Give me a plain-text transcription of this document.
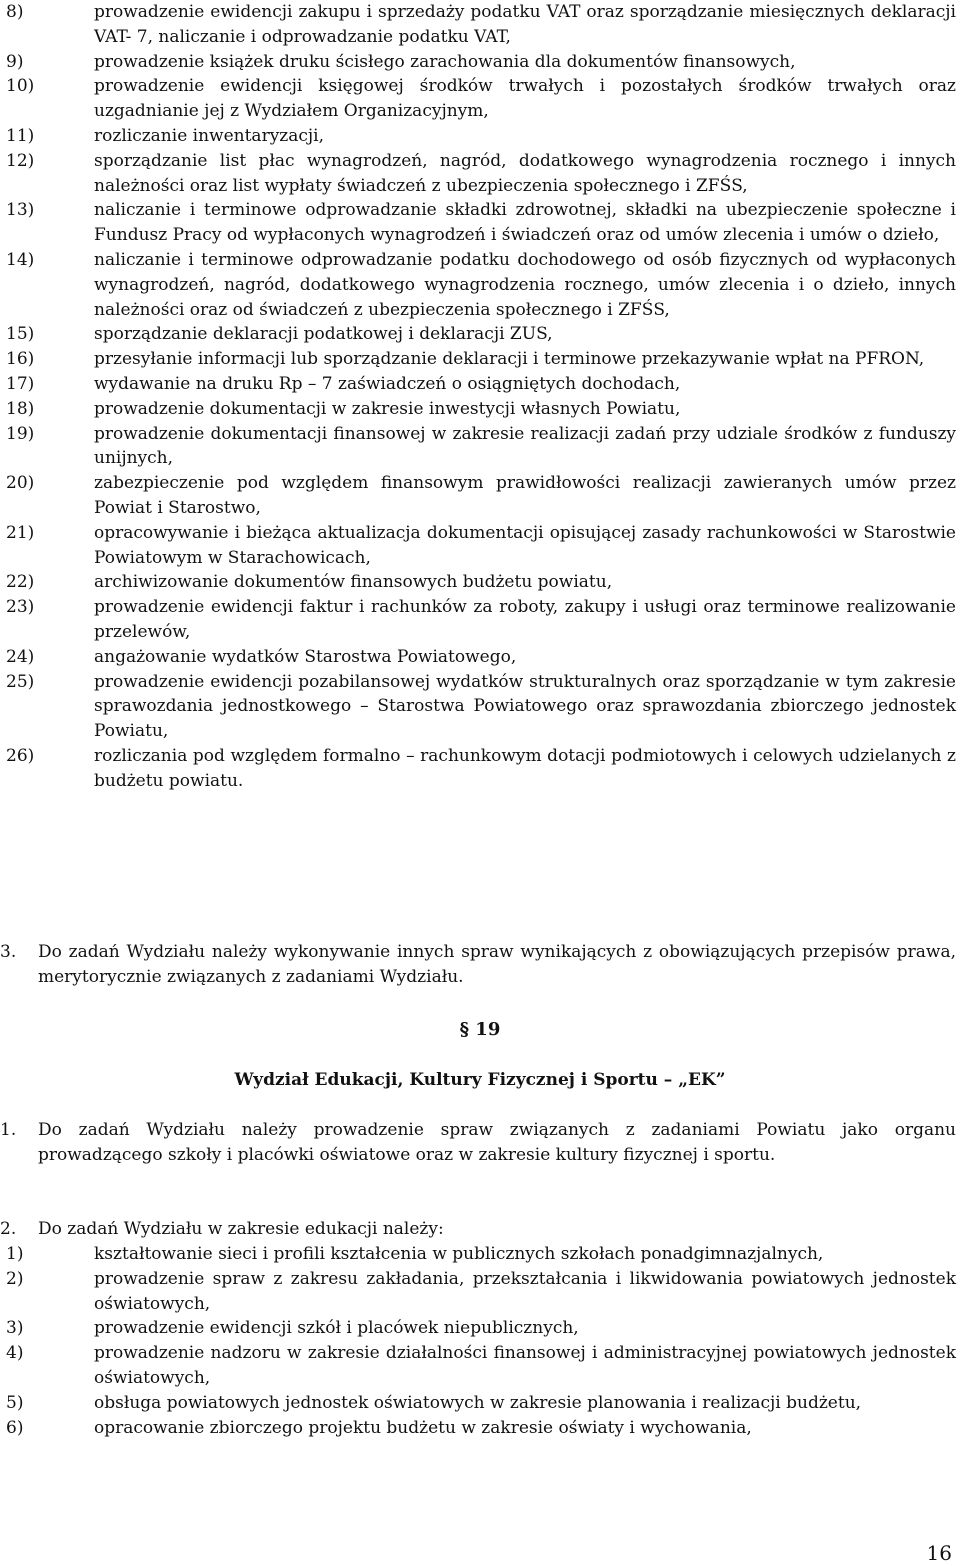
8)	prowadzenie ewidencji zakupu i sprzedaży podatku VAT oraz sporządzanie miesięcznych deklaracji VAT- 7, naliczanie i odprowadzanie podatku VAT,
9)	prowadzenie książek druku ścisłego zarachowania dla dokumentów finansowych,
10)	prowadzenie ewidencji księgowej środków trwałych i pozostałych środków trwałych oraz uzgadnianie jej z Wydziałem Organizacyjnym,
11)	rozliczanie inwentaryzacji,
12)	sporządzanie list płac wynagrodzeń, nagród, dodatkowego wynagrodzenia rocznego i innych należności oraz list wypłaty świadczeń z ubezpieczenia społecznego i ZFŚS,
13)	naliczanie i terminowe odprowadzanie składki zdrowotnej, składki na ubezpieczenie społeczne i Fundusz Pracy od wypłaconych wynagrodzeń i świadczeń oraz od umów zlecenia i umów o dzieło,
14)	naliczanie i terminowe odprowadzanie podatku dochodowego od osób fizycznych od wypłaconych wynagrodzeń, nagród, dodatkowego wynagrodzenia rocznego, umów zlecenia i o dzieło, innych należności oraz od świadczeń z ubezpieczenia społecznego i ZFŚS,
15)	sporządzanie deklaracji podatkowej i deklaracji ZUS,
16)	przesyłanie informacji lub sporządzanie deklaracji i terminowe przekazywanie wpłat na PFRON,
17)	wydawanie na druku Rp – 7 zaświadczeń o osiągniętych dochodach,
18)	prowadzenie dokumentacji w zakresie inwestycji własnych Powiatu,
19)	prowadzenie dokumentacji finansowej w zakresie realizacji zadań przy udziale środków z funduszy unijnych,
20)	zabezpieczenie pod względem finansowym prawidłowości realizacji zawieranych umów przez Powiat i Starostwo,
21)	opracowywanie i bieżąca aktualizacja dokumentacji opisującej zasady rachunkowości w Starostwie Powiatowym w Starachowicach,
22)	archiwizowanie dokumentów finansowych budżetu powiatu,
23)	prowadzenie ewidencji faktur i rachunków za roboty, zakupy i usługi oraz terminowe realizowanie przelewów,
24)	angażowanie wydatków Starostwa Powiatowego,
25)	prowadzenie ewidencji pozabilansowej wydatków strukturalnych oraz sporządzanie w tym zakresie sprawozdania jednostkowego – Starostwa Powiatowego oraz sprawozdania zbiorczego jednostek Powiatu,
26)	rozliczania pod względem formalno – rachunkowym dotacji podmiotowych i celowych udzielanych z budżetu powiatu.
3. Do zadań Wydziału należy wykonywanie innych spraw wynikających z obowiązujących przepisów prawa, merytorycznie związanych z zadaniami Wydziału.
§ 19
Wydział Edukacji, Kultury Fizycznej i Sportu – „EK”
1. Do zadań Wydziału należy prowadzenie spraw związanych z zadaniami Powiatu jako organu prowadzącego szkoły i placówki oświatowe oraz w zakresie kultury fizycznej i sportu.
2. Do zadań Wydziału w zakresie edukacji należy:
1)	kształtowanie sieci i profili kształcenia w publicznych szkołach ponadgimnazjalnych,
2)	prowadzenie spraw z zakresu zakładania, przekształcania i likwidowania powiatowych jednostek oświatowych,
3)	prowadzenie ewidencji szkół i placówek niepublicznych,
4)	prowadzenie nadzoru w zakresie działalności finansowej i administracyjnej powiatowych jednostek oświatowych,
5)	obsługa powiatowych jednostek oświatowych w zakresie planowania i realizacji budżetu,
6)	opracowanie zbiorczego projektu budżetu w zakresie oświaty i wychowania,
16
